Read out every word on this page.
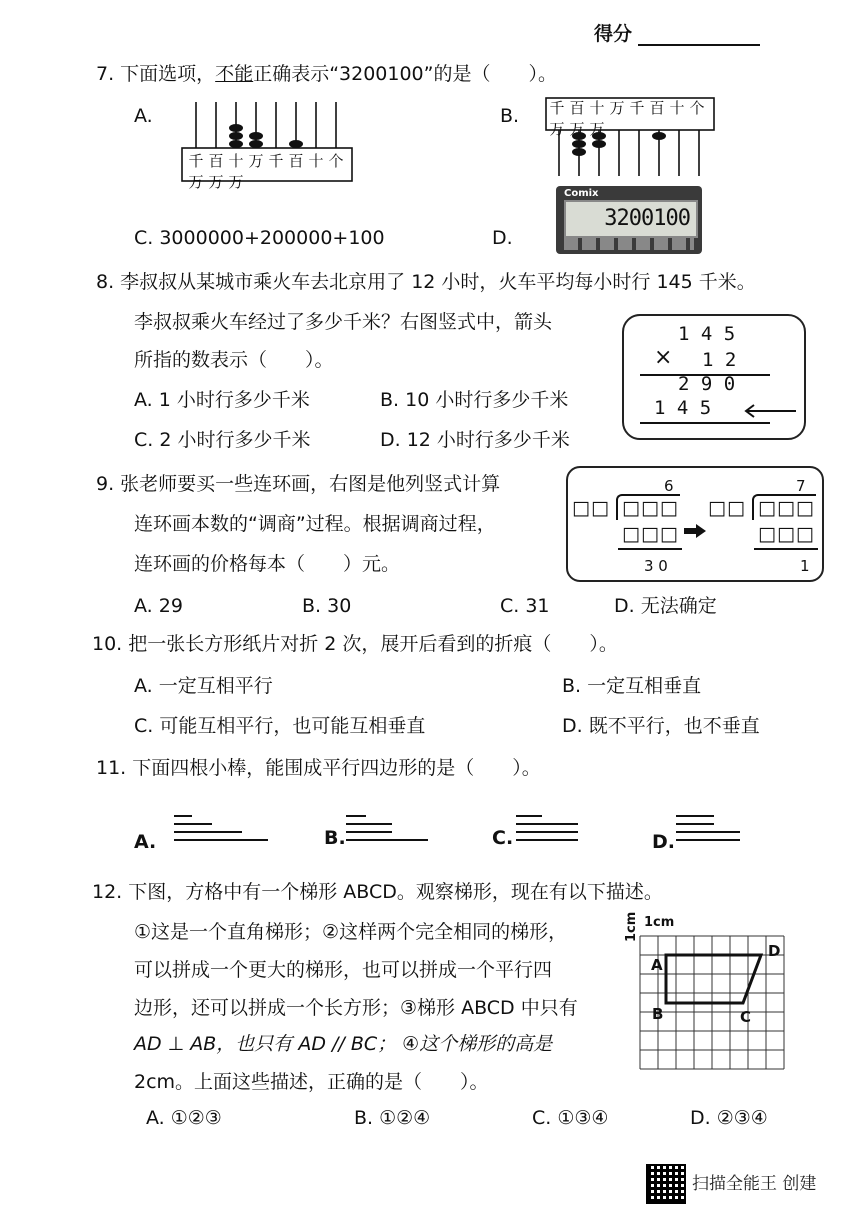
得分
7. 下面选项，不能正确表示“3200100”的是（　　）。
A.	B.
千万
百万
十万
万 千 百 十 个
千万
百万
十万
万 千 百 十 个
C. 3000000+200000+100	D.
Comix
3200100
8. 李叔叔从某城市乘火车去北京用了 12 小时，火车平均每小时行 145 千米。
李叔叔乘火车经过了多少千米？右图竖式中，箭头
所指的数表示（　　）。
A. 1 小时行多少千米	B. 10 小时行多少千米
C. 2 小时行多少千米	D. 12 小时行多少千米
1 4 5
× 1 2
2 9 0
1 4 5
9. 张老师要买一些连环画，右图是他列竖式计算
连环画本数的“调商”过程。根据调商过程，
连环画的价格每本（　　）元。
A. 29	B. 30	C. 31	D. 无法确定
6
□□ □□□
□□□
3 0
7
□□ □□□
□□□
1
10. 把一张长方形纸片对折 2 次，展开后看到的折痕（　　）。
A. 一定互相平行	B. 一定互相垂直
C. 可能互相平行，也可能互相垂直	D. 既不平行，也不垂直
11. 下面四根小棒，能围成平行四边形的是（　　）。
A.	B.	C.	D.
12. 下图，方格中有一个梯形 ABCD。观察梯形，现在有以下描述。
①这是一个直角梯形；②这样两个完全相同的梯形，
可以拼成一个更大的梯形，也可以拼成一个平行四
边形，还可以拼成一个长方形；③梯形 ABCD 中只有
AD ⊥ AB，也只有 AD // BC； ④这个梯形的高是
2cm。上面这些描述，正确的是（　　）。
A. ①②③	B. ①②④	C. ①③④	D. ②③④
1cm
1cm
A
D
B	C
扫描全能王 创建
